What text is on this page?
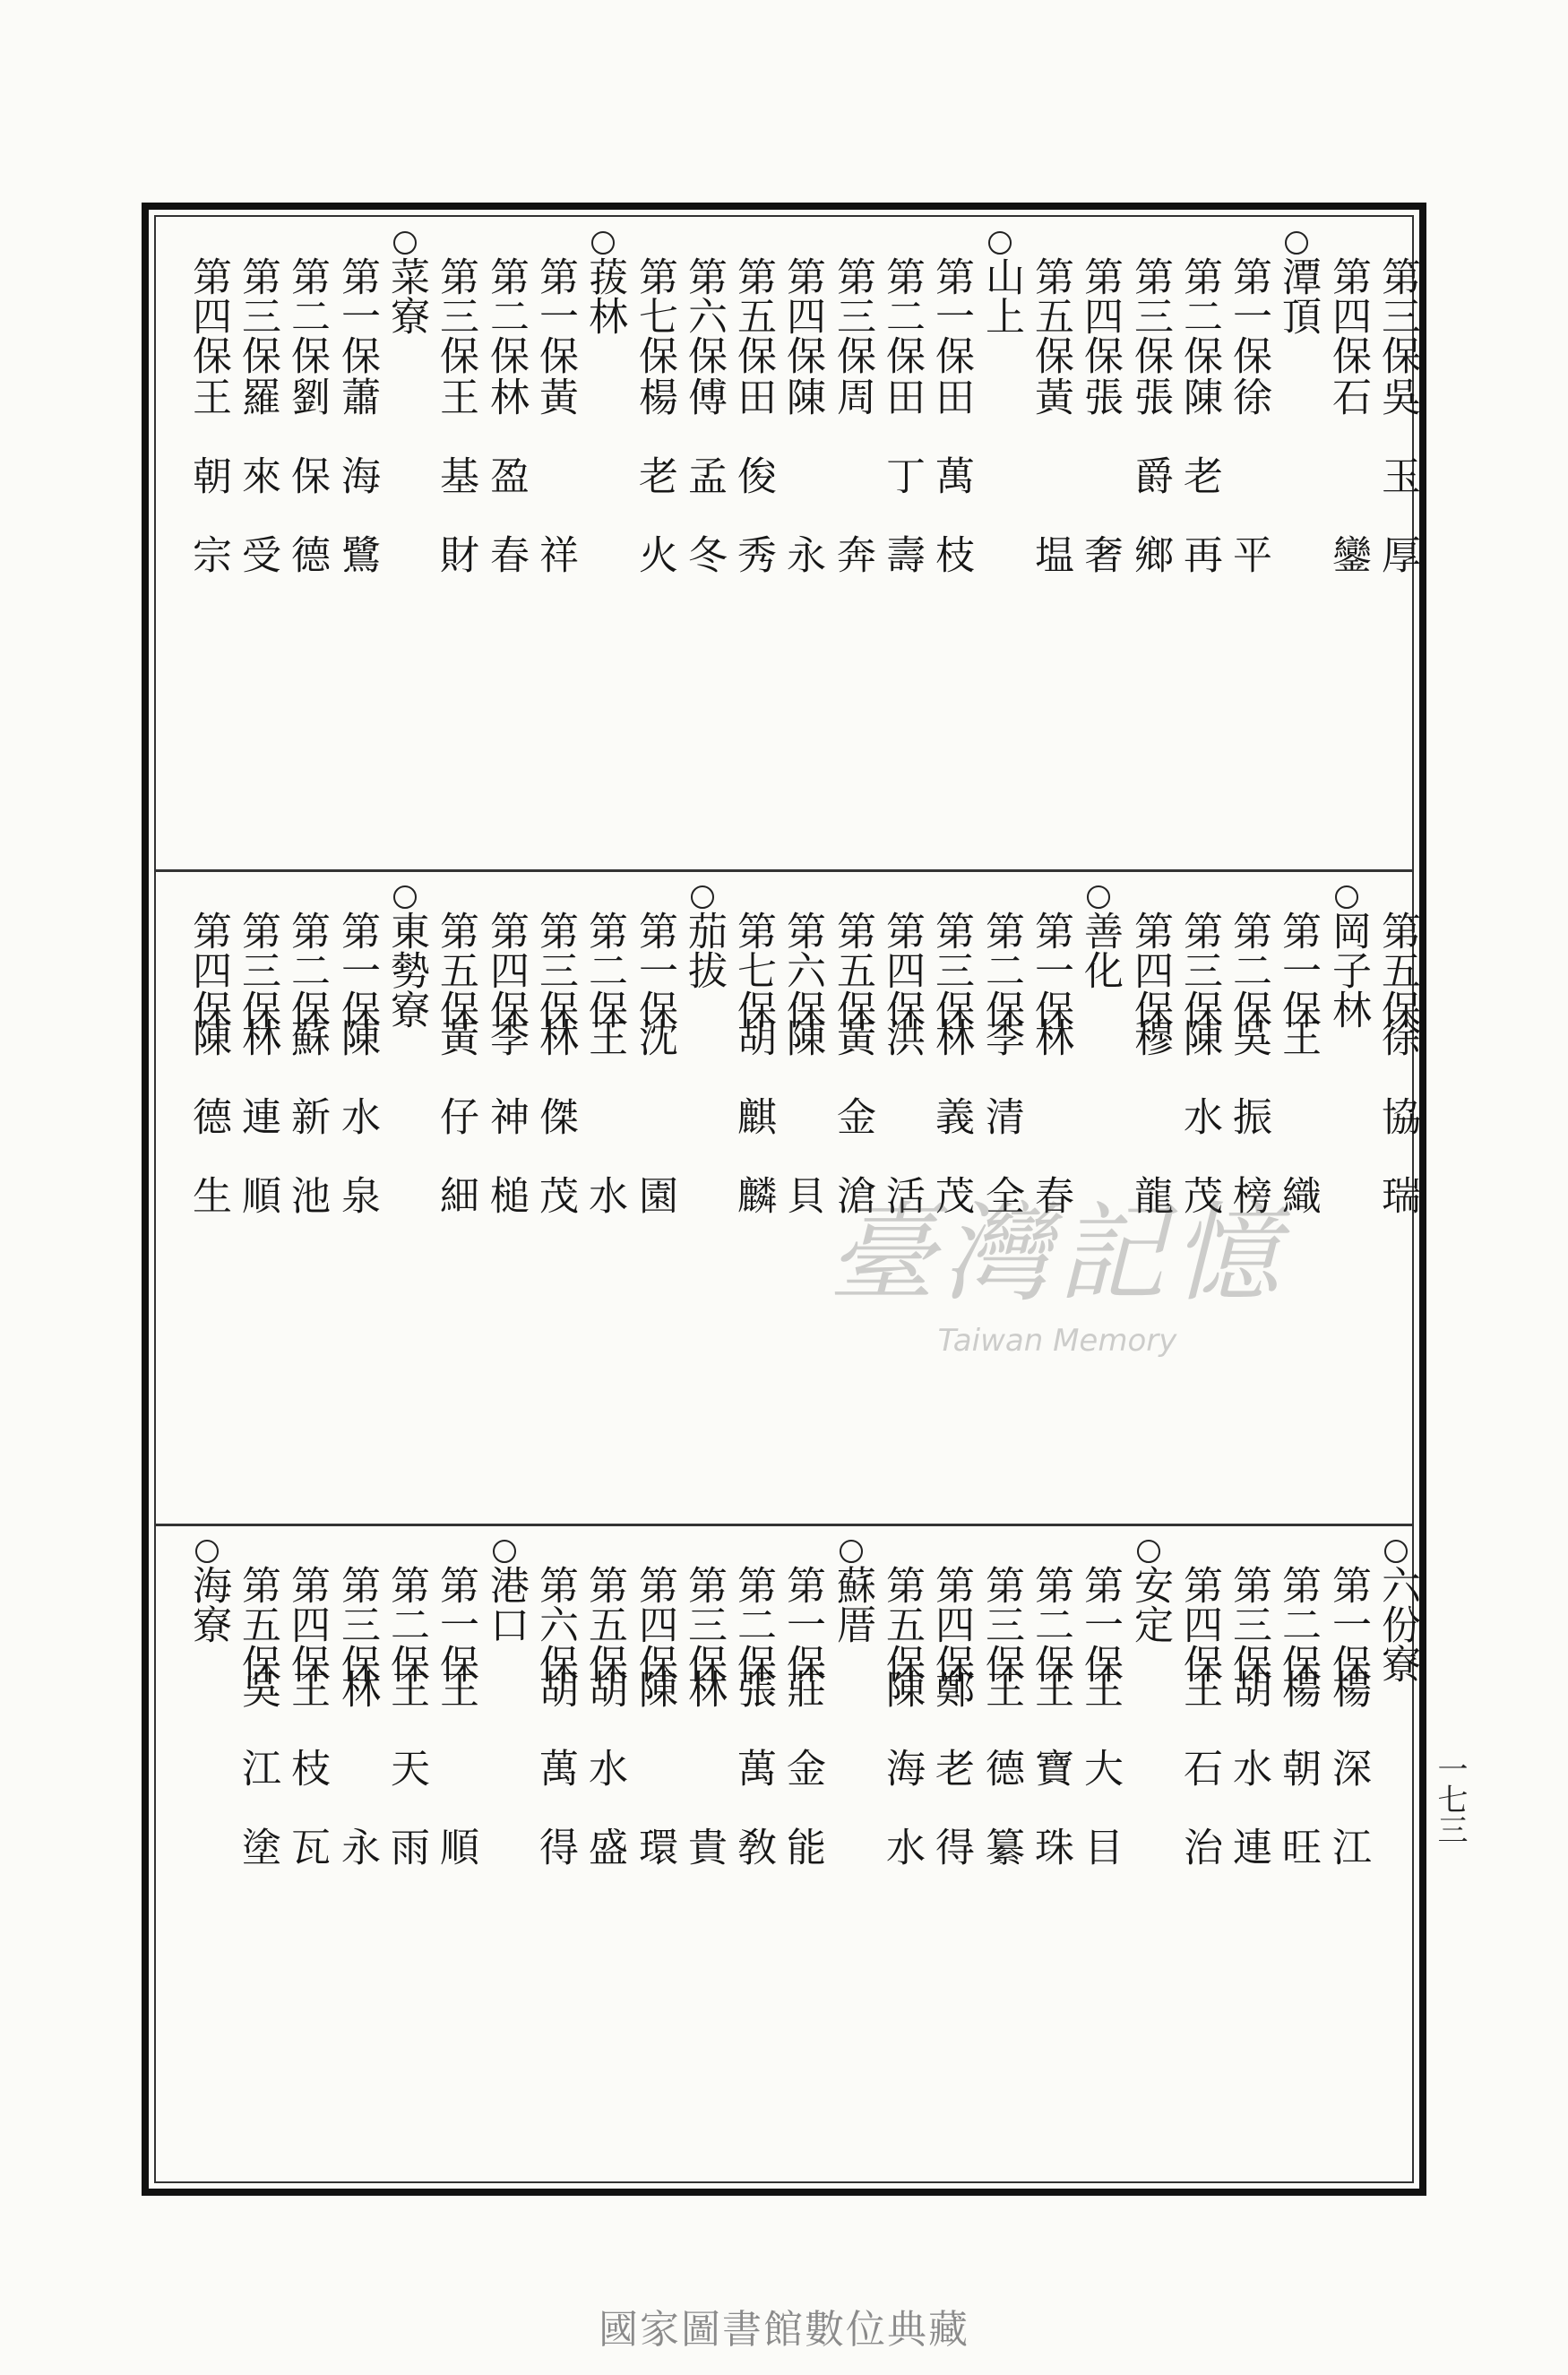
第三保
吳玉厚
第四保
石　鑾
潭頂
第一保
徐　平
第二保
陳老再
第三保
張爵鄉
第四保
張　奢
第五保
黃　塭
山上
第一保
田萬枝
第二保
田丁壽
第三保
周　奔
第四保
陳　永
第五保
田俊秀
第六保
傅孟冬
第七保
楊老火
菝林
第一保
黃　祥
第二保
林盈春
第三保
王基財
菜寮
第一保
蕭海鷺
第二保
劉保德
第三保
羅來受
第四保
王朝宗
第五保
徐協瑞
岡子林
第一保
王　織
第二保
吳振榜
第三保
陳水茂
第四保
穆　龍
善化
第一保
林　春
第二保
李清全
第三保
林義茂
第四保
洪　活
第五保
黃金滄
第六保
陳　貝
第七保
胡麒麟
茄拔
第一保
沈　園
第二保
王　水
第三保
林傑茂
第四保
李神槌
第五保
黃仔細
東勢寮
第一保
陳水泉
第二保
蘇新池
第三保
林連順
第四保
陳德生
六份寮
第一保
楊深江
第二保
楊朝旺
第三保
胡水連
第四保
王石治
安定
第一保
王大目
第二保
王寶珠
第三保
王德纂
第四保
鄭老得
第五保
陳海水
蘇厝
第一保
莊金能
第二保
張萬敎
第三保
林　貴
第四保
陳　環
第五保
胡水盛
第六保
胡萬得
港口
第一保
王　順
第二保
王天雨
第三保
林　永
第四保
王枝瓦
第五保
吳江塗
海寮
一七三
臺灣記憶
Taiwan Memory
國家圖書館數位典藏
